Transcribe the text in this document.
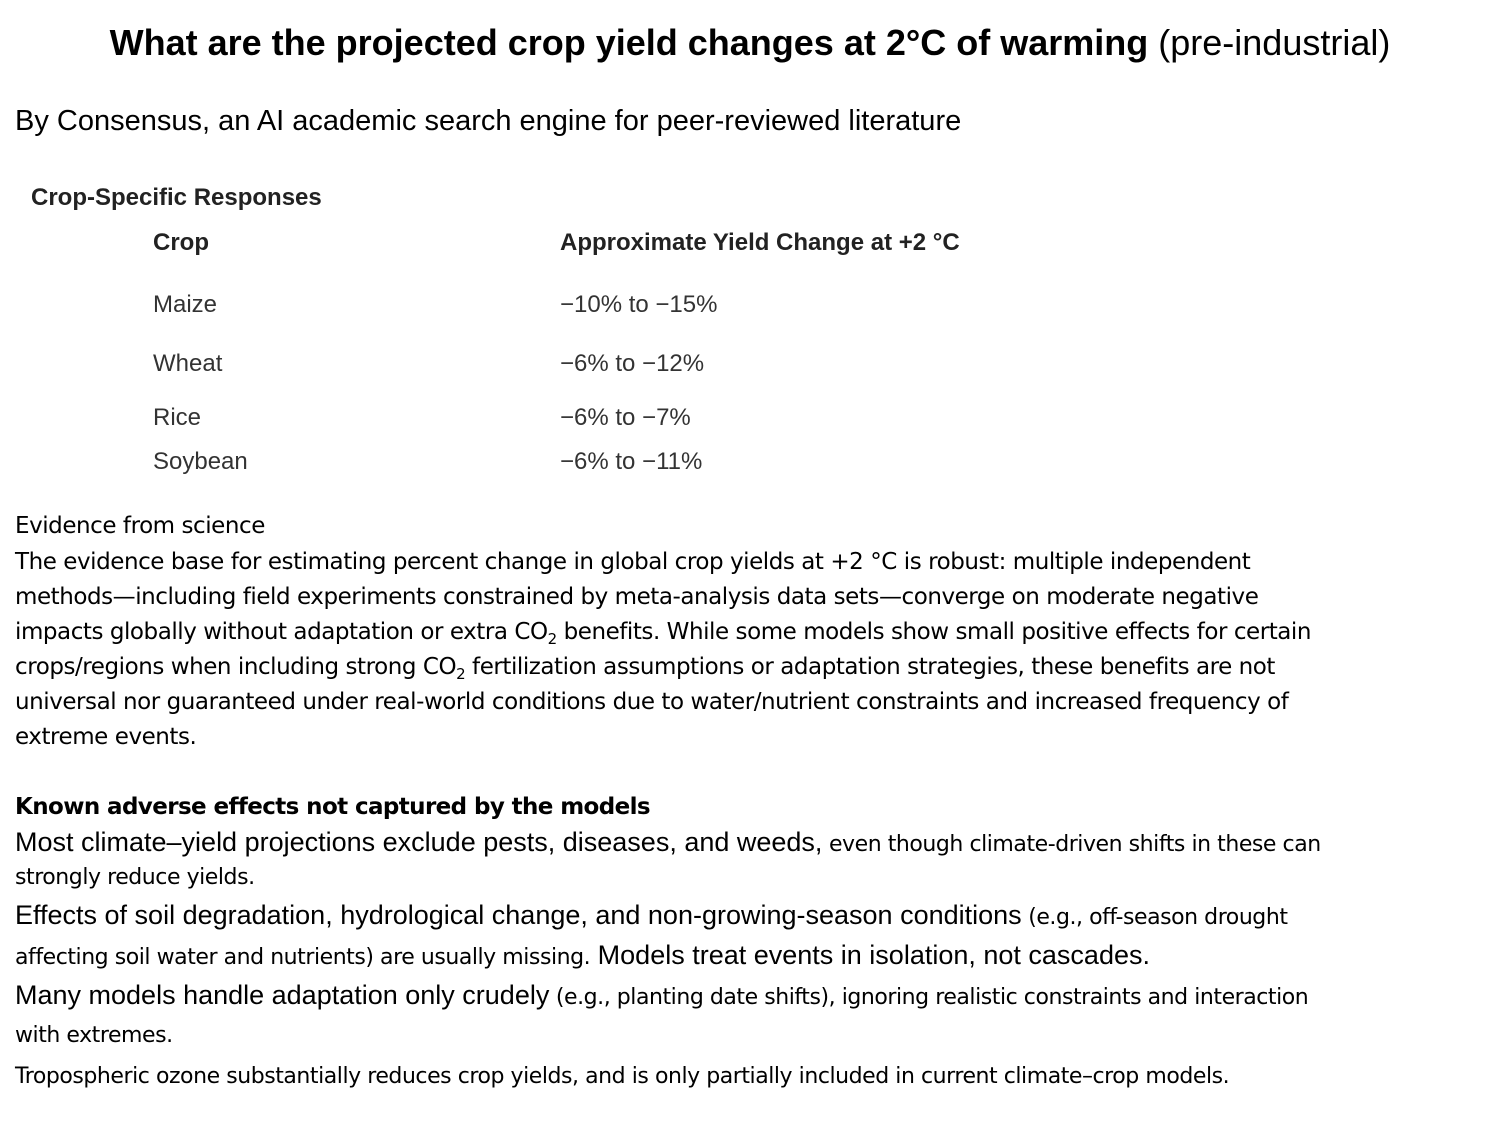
What are the projected crop yield changes at 2°C of warming (pre-industrial)
By Consensus, an AI academic search engine for peer-reviewed literature
Crop-Specific Responses
Crop	Approximate Yield Change at +2 °C
Maize	−10% to −15%
Wheat	−6% to −12%
Rice	−6% to −7%
Soybean	−6% to −11%
Evidence from science
The evidence base for estimating percent change in global crop yields at +2 °C is robust: multiple independent
methods—including field experiments constrained by meta-analysis data sets—converge on moderate negative
impacts globally without adaptation or extra $CO_2$ benefits. While some models show small positive effects for certain
crops/regions when including strong $CO_2$ fertilization assumptions or adaptation strategies, these benefits are not
universal nor guaranteed under real-world conditions due to water/nutrient constraints and increased frequency of
extreme events.
Known adverse effects not captured by the models
Most climate–yield projections exclude pests, diseases, and weeds, even though climate-driven shifts in these can
strongly reduce yields.
Effects of soil degradation, hydrological change, and non-growing-season conditions (e.g., off-season drought
affecting soil water and nutrients) are usually missing. Models treat events in isolation, not cascades.
Many models handle adaptation only crudely (e.g., planting date shifts), ignoring realistic constraints and interaction
with extremes.
Tropospheric ozone substantially reduces crop yields, and is only partially included in current climate–crop models.
